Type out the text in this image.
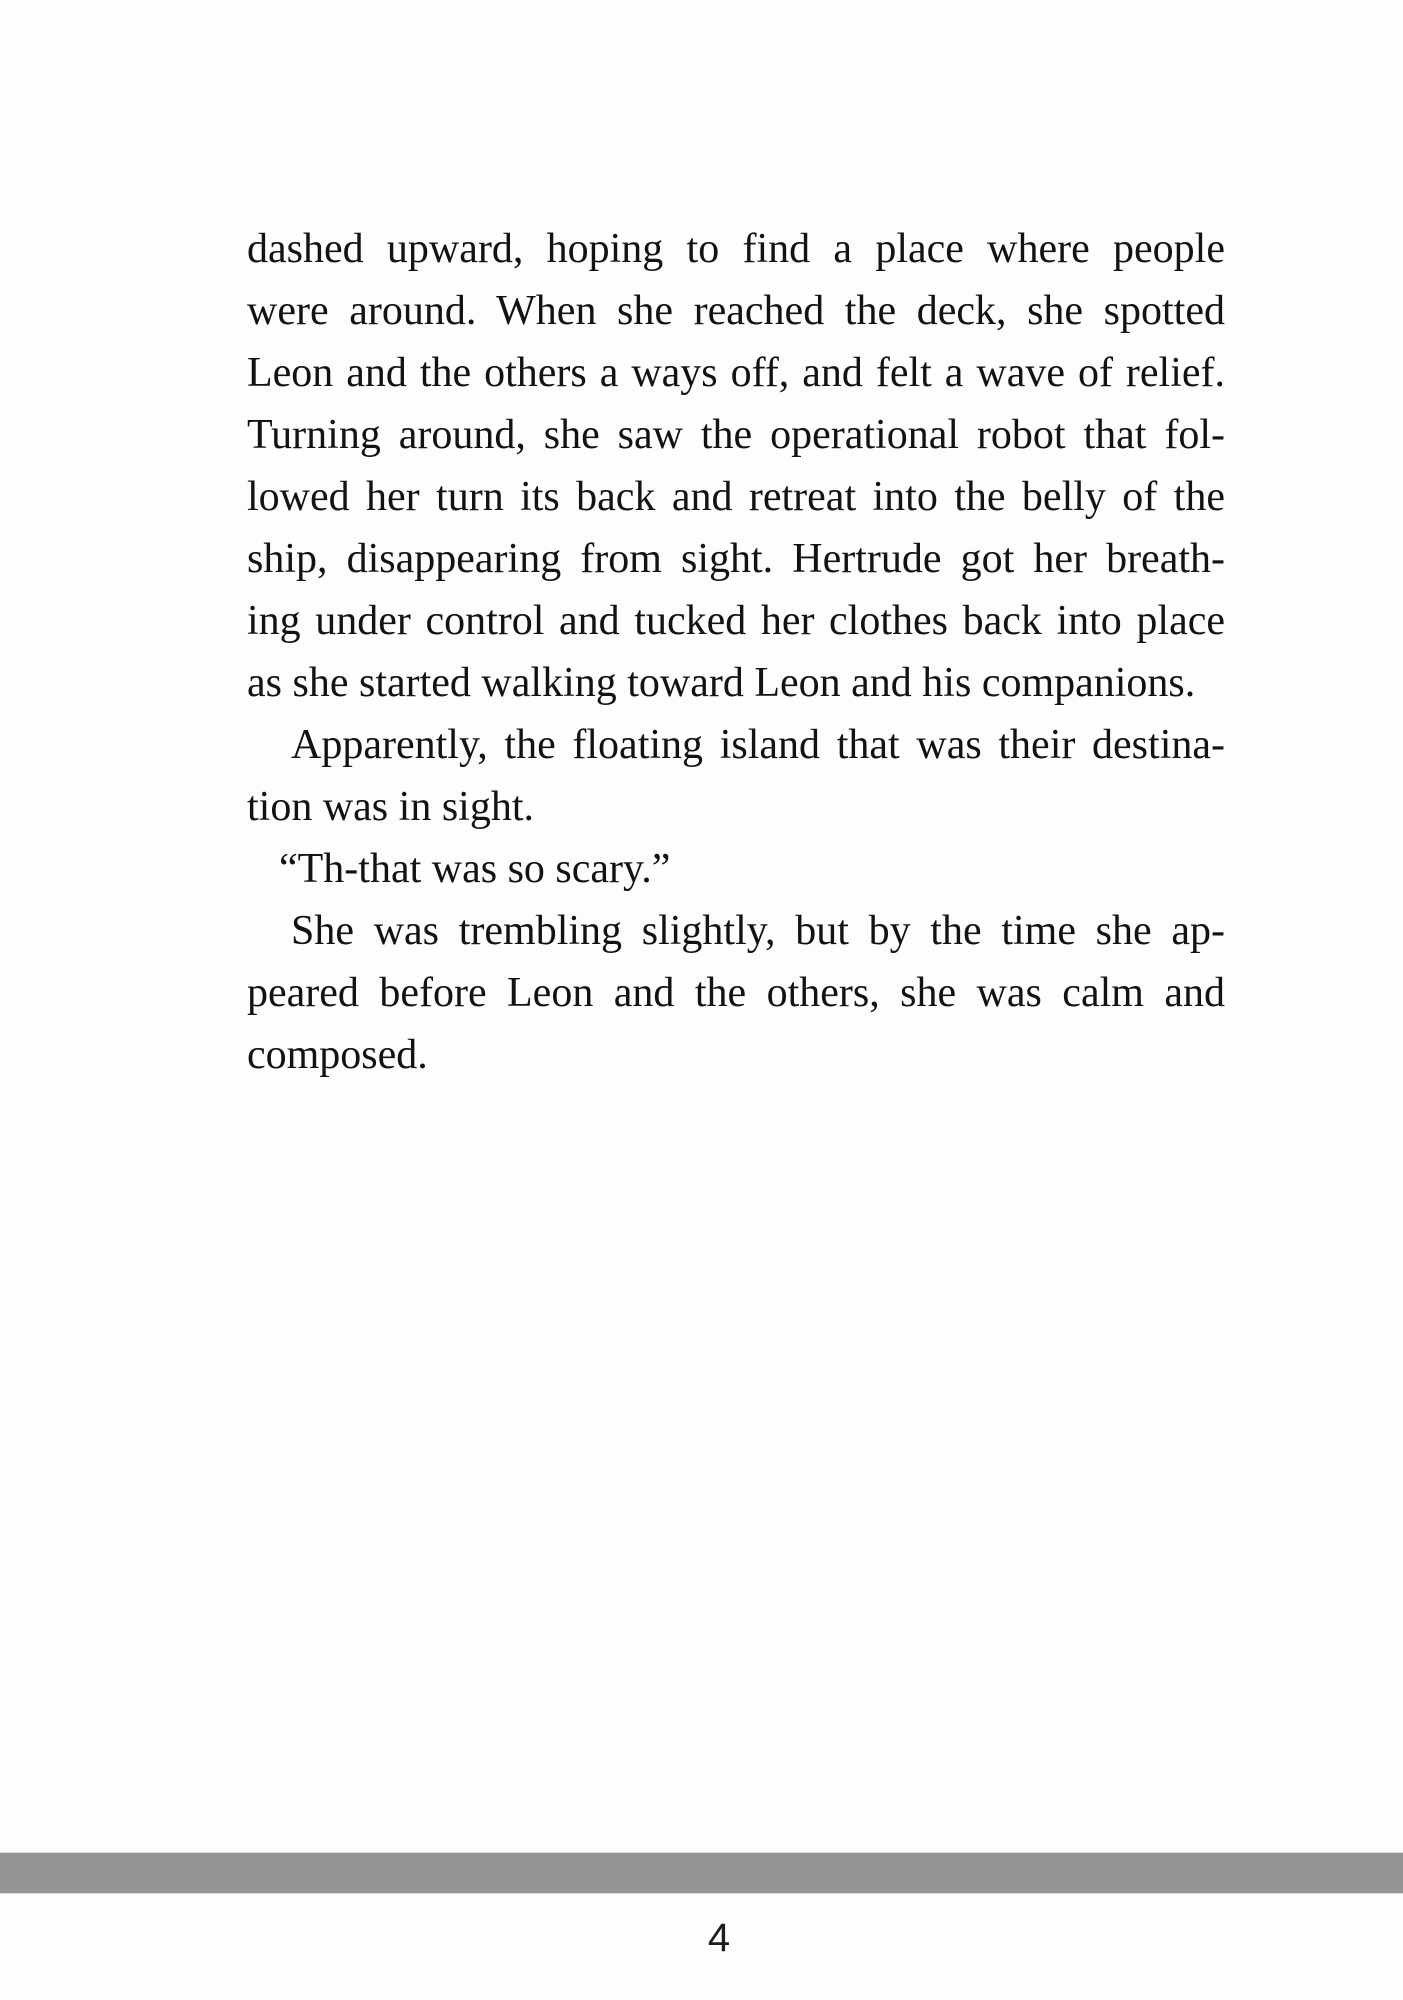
dashed upward, hoping to find a place where people
were around. When she reached the deck, she spotted
Leon and the others a ways off, and felt a wave of relief.
Turning around, she saw the operational robot that fol-
lowed her turn its back and retreat into the belly of the
ship, disappearing from sight. Hertrude got her breath-
ing under control and tucked her clothes back into place
as she started walking toward Leon and his companions.
Apparently, the floating island that was their destina-
tion was in sight.
“Th-that was so scary.”
She was trembling slightly, but by the time she ap-
peared before Leon and the others, she was calm and
composed.
4
